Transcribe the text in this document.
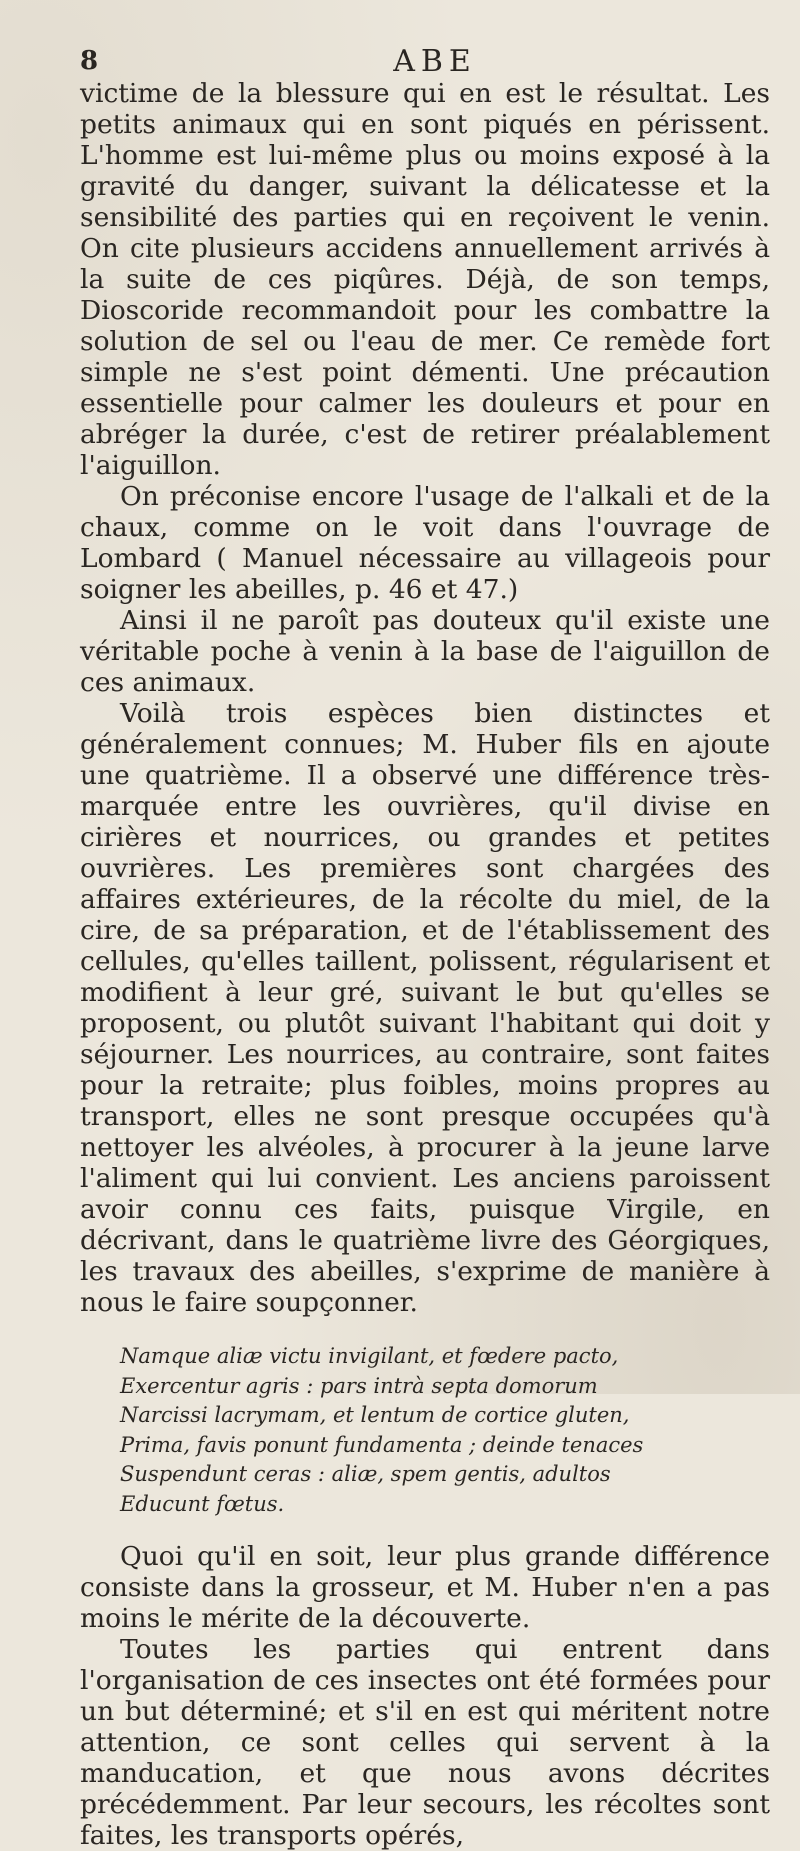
8	ABE

victime de la blessure qui en est le résultat. Les petits animaux qui en sont piqués en périssent. L'homme est lui-même plus ou moins exposé à la gravité du danger, suivant la délicatesse et la sensibilité des parties qui en reçoivent le venin. On cite plusieurs accidens annuellement arrivés à la suite de ces piqûres. Déjà, de son temps, Dioscoride recommandoit pour les combattre la solution de sel ou l'eau de mer. Ce remède fort simple ne s'est point démenti. Une précaution essentielle pour calmer les douleurs et pour en abréger la durée, c'est de retirer préalablement l'aiguillon.

On préconise encore l'usage de l'alkali et de la chaux, comme on le voit dans l'ouvrage de Lombard ( Manuel nécessaire au villageois pour soigner les abeilles, p. 46 et 47.)

Ainsi il ne paroît pas douteux qu'il existe une véritable poche à venin à la base de l'aiguillon de ces animaux.

Voilà trois espèces bien distinctes et généralement connues; M. Huber fils en ajoute une quatrième. Il a observé une différence très-marquée entre les ouvrières, qu'il divise en cirières et nourrices, ou grandes et petites ouvrières. Les premières sont chargées des affaires extérieures, de la récolte du miel, de la cire, de sa préparation, et de l'établissement des cellules, qu'elles taillent, polissent, régularisent et modifient à leur gré, suivant le but qu'elles se proposent, ou plutôt suivant l'habitant qui doit y séjourner. Les nourrices, au contraire, sont faites pour la retraite; plus foibles, moins propres au transport, elles ne sont presque occupées qu'à nettoyer les alvéoles, à procurer à la jeune larve l'aliment qui lui convient. Les anciens paroissent avoir connu ces faits, puisque Virgile, en décrivant, dans le quatrième livre des Géorgiques, les travaux des abeilles, s'exprime de manière à nous le faire soupçonner.

Namque aliæ victu invigilant, et fœdere pacto,
Exercentur agris : pars intrà septa domorum
Narcissi lacrymam, et lentum de cortice gluten,
Prima, favis ponunt fundamenta ; deinde tenaces
Suspendunt ceras : aliæ, spem gentis, adultos
Educunt fœtus.

Quoi qu'il en soit, leur plus grande différence consiste dans la grosseur, et M. Huber n'en a pas moins le mérite de la découverte.

Toutes les parties qui entrent dans l'organisation de ces insectes ont été formées pour un but déterminé; et s'il en est qui méritent notre attention, ce sont celles qui servent à la manducation, et que nous avons décrites précédemment. Par leur secours, les récoltes sont faites, les transports opérés,
